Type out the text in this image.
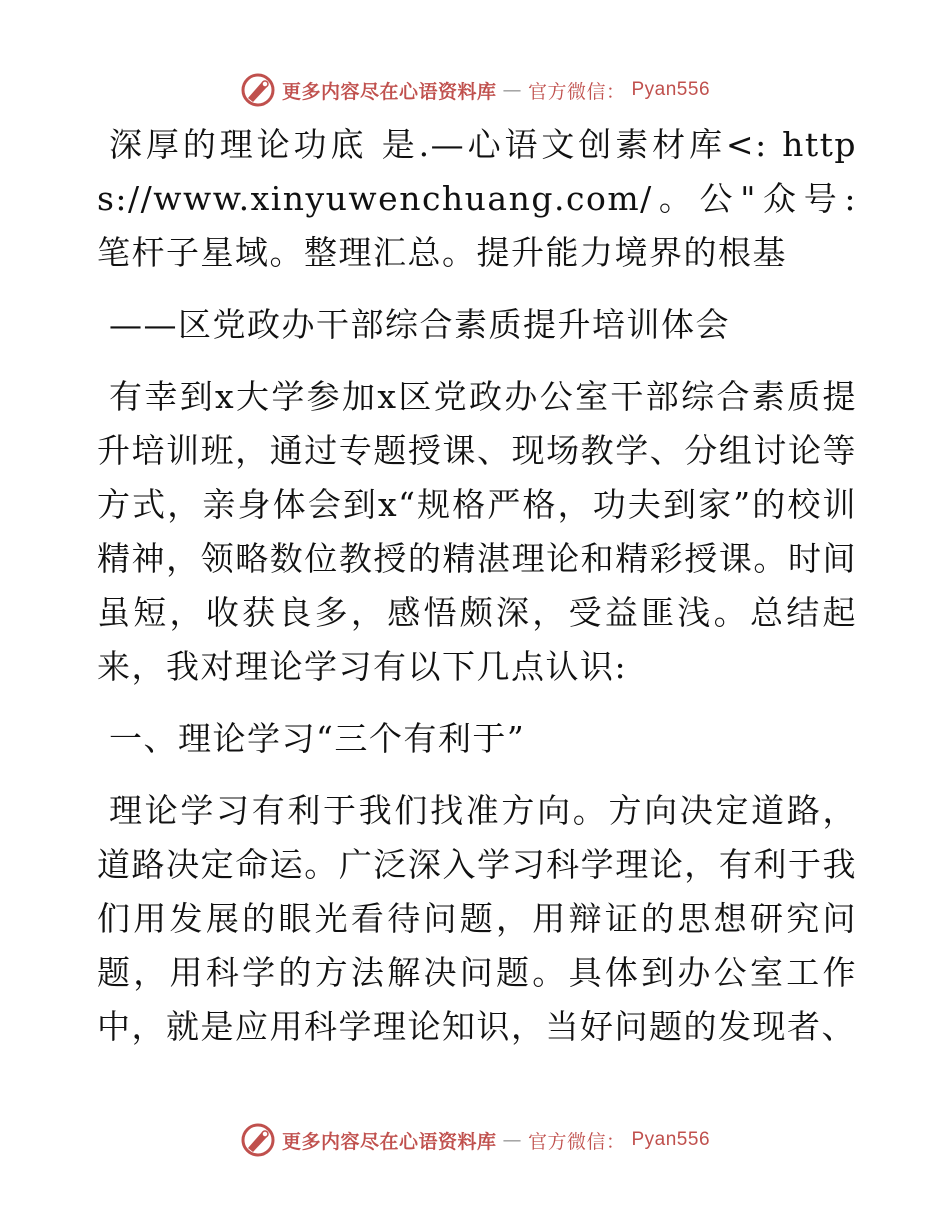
更多内容尽在心语资料库 — 官方微信： Pyan556

深厚的理论功底 是.—心语文创素材库<: https://www.xinyuwenchuang.com/。公"众号: 笔杆子星域。整理汇总。提升能力境界的根基

——区党政办干部综合素质提升培训体会

有幸到x大学参加x区党政办公室干部综合素质提升培训班，通过专题授课、现场教学、分组讨论等方式，亲身体会到x“规格严格，功夫到家”的校训精神，领略数位教授的精湛理论和精彩授课。时间虽短，收获良多，感悟颇深，受益匪浅。总结起来，我对理论学习有以下几点认识:

一、理论学习“三个有利于”

理论学习有利于我们找准方向。方向决定道路，道路决定命运。广泛深入学习科学理论，有利于我们用发展的眼光看待问题，用辩证的思想研究问题，用科学的方法解决问题。具体到办公室工作中，就是应用科学理论知识，当好问题的发现者、

更多内容尽在心语资料库 — 官方微信： Pyan556
